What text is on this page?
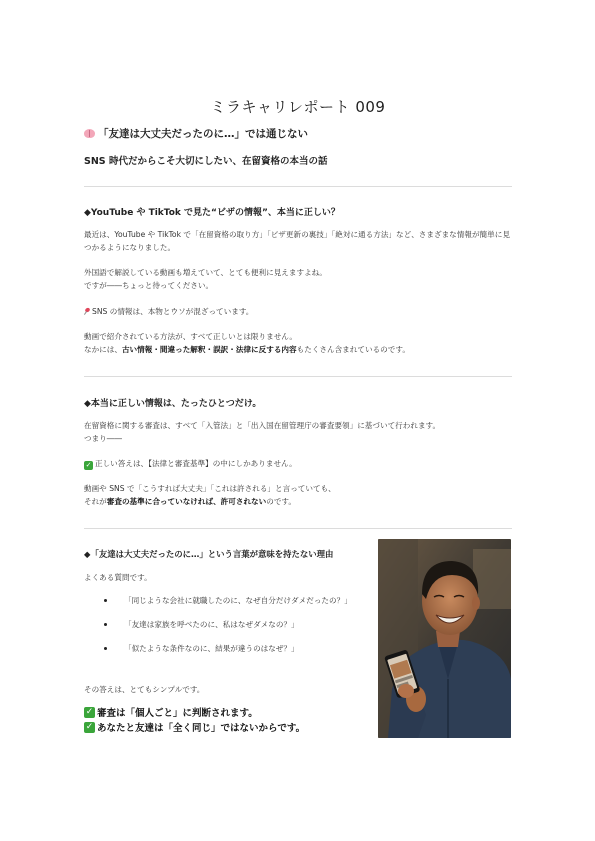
ミラキャリレポート 009
「友達は大丈夫だったのに…」では通じない
SNS 時代だからこそ大切にしたい、在留資格の本当の話
◆YouTube や TikTok で見た“ビザの情報”、本当に正しい？
最近は、YouTube や TikTok で「在留資格の取り方」「ビザ更新の裏技」「絶対に通る方法」など、さまざまな情報が簡単に見つかるようになりました。
外国語で解説している動画も増えていて、とても便利に見えますよね。
ですが――ちょっと待ってください。
SNS の情報は、本物とウソが混ざっています。
動画で紹介されている方法が、すべて正しいとは限りません。
なかには、古い情報・間違った解釈・誤訳・法律に反する内容もたくさん含まれているのです。
◆本当に正しい情報は、たったひとつだけ。
在留資格に関する審査は、すべて「入管法」と「出入国在留管理庁の審査要領」に基づいて行われます。
つまり――
✓ 正しい答えは、【法律と審査基準】の中にしかありません。
動画や SNS で「こうすれば大丈夫」「これは許される」と言っていても、
それが審査の基準に合っていなければ、許可されないのです。
◆「友達は大丈夫だったのに…」という言葉が意味を持たない理由
よくある質問です。
「同じような会社に就職したのに、なぜ自分だけダメだったの？」
「友達は家族を呼べたのに、私はなぜダメなの？」
「似たような条件なのに、結果が違うのはなぜ？」
その答えは、とてもシンプルです。
✓ 審査は「個人ごと」に判断されます。
✓ あなたと友達は「全く同じ」ではないからです。
